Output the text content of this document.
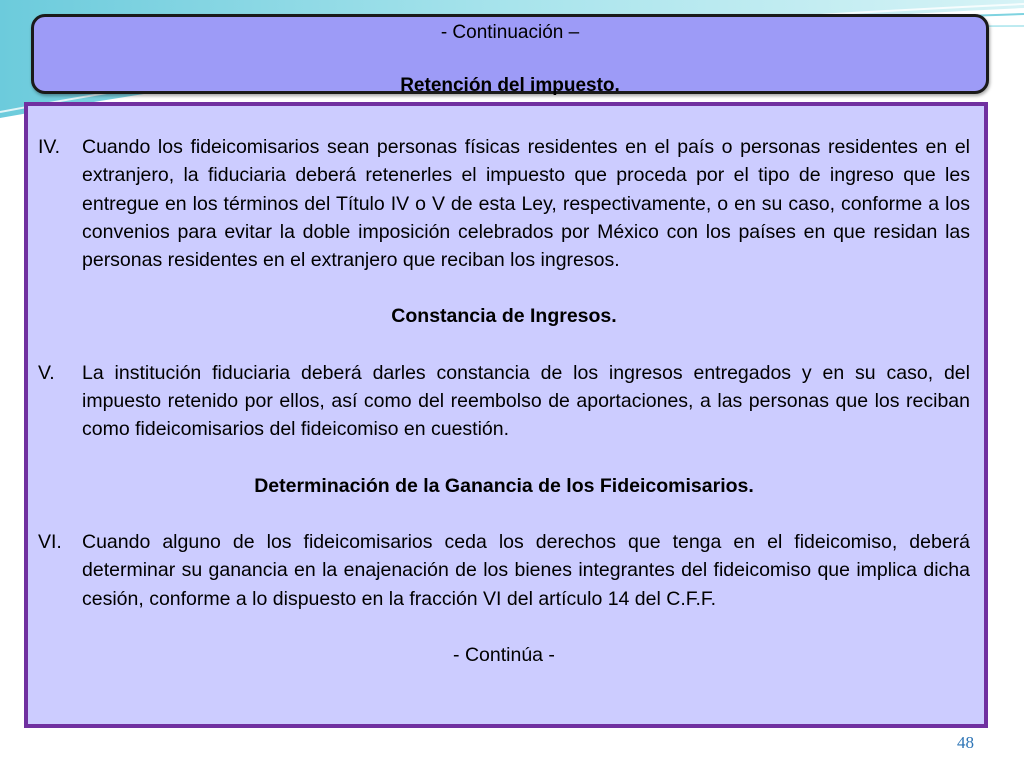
- Continuación –
Retención del impuesto.
IV.	Cuando los fideicomisarios sean personas físicas residentes en el país o personas residentes en el extranjero, la fiduciaria deberá retenerles el impuesto que proceda por el tipo de ingreso que les entregue en los términos del Título IV o V de esta Ley, respectivamente, o en su caso, conforme a los convenios para evitar la doble imposición celebrados por México con los países en que residan las personas residentes en el extranjero que reciban los ingresos.
Constancia de Ingresos.
V.	La institución fiduciaria deberá darles constancia de los ingresos entregados y en su caso, del impuesto retenido por ellos, así como del reembolso de aportaciones, a las personas que los reciban como fideicomisarios del fideicomiso en cuestión.
Determinación de la Ganancia de los Fideicomisarios.
VI.	Cuando alguno de los fideicomisarios ceda los derechos que tenga en el fideicomiso, deberá determinar su ganancia en la enajenación de los bienes integrantes del fideicomiso que implica dicha cesión, conforme a lo dispuesto en la fracción VI del artículo 14 del C.F.F.
- Continúa -
48
